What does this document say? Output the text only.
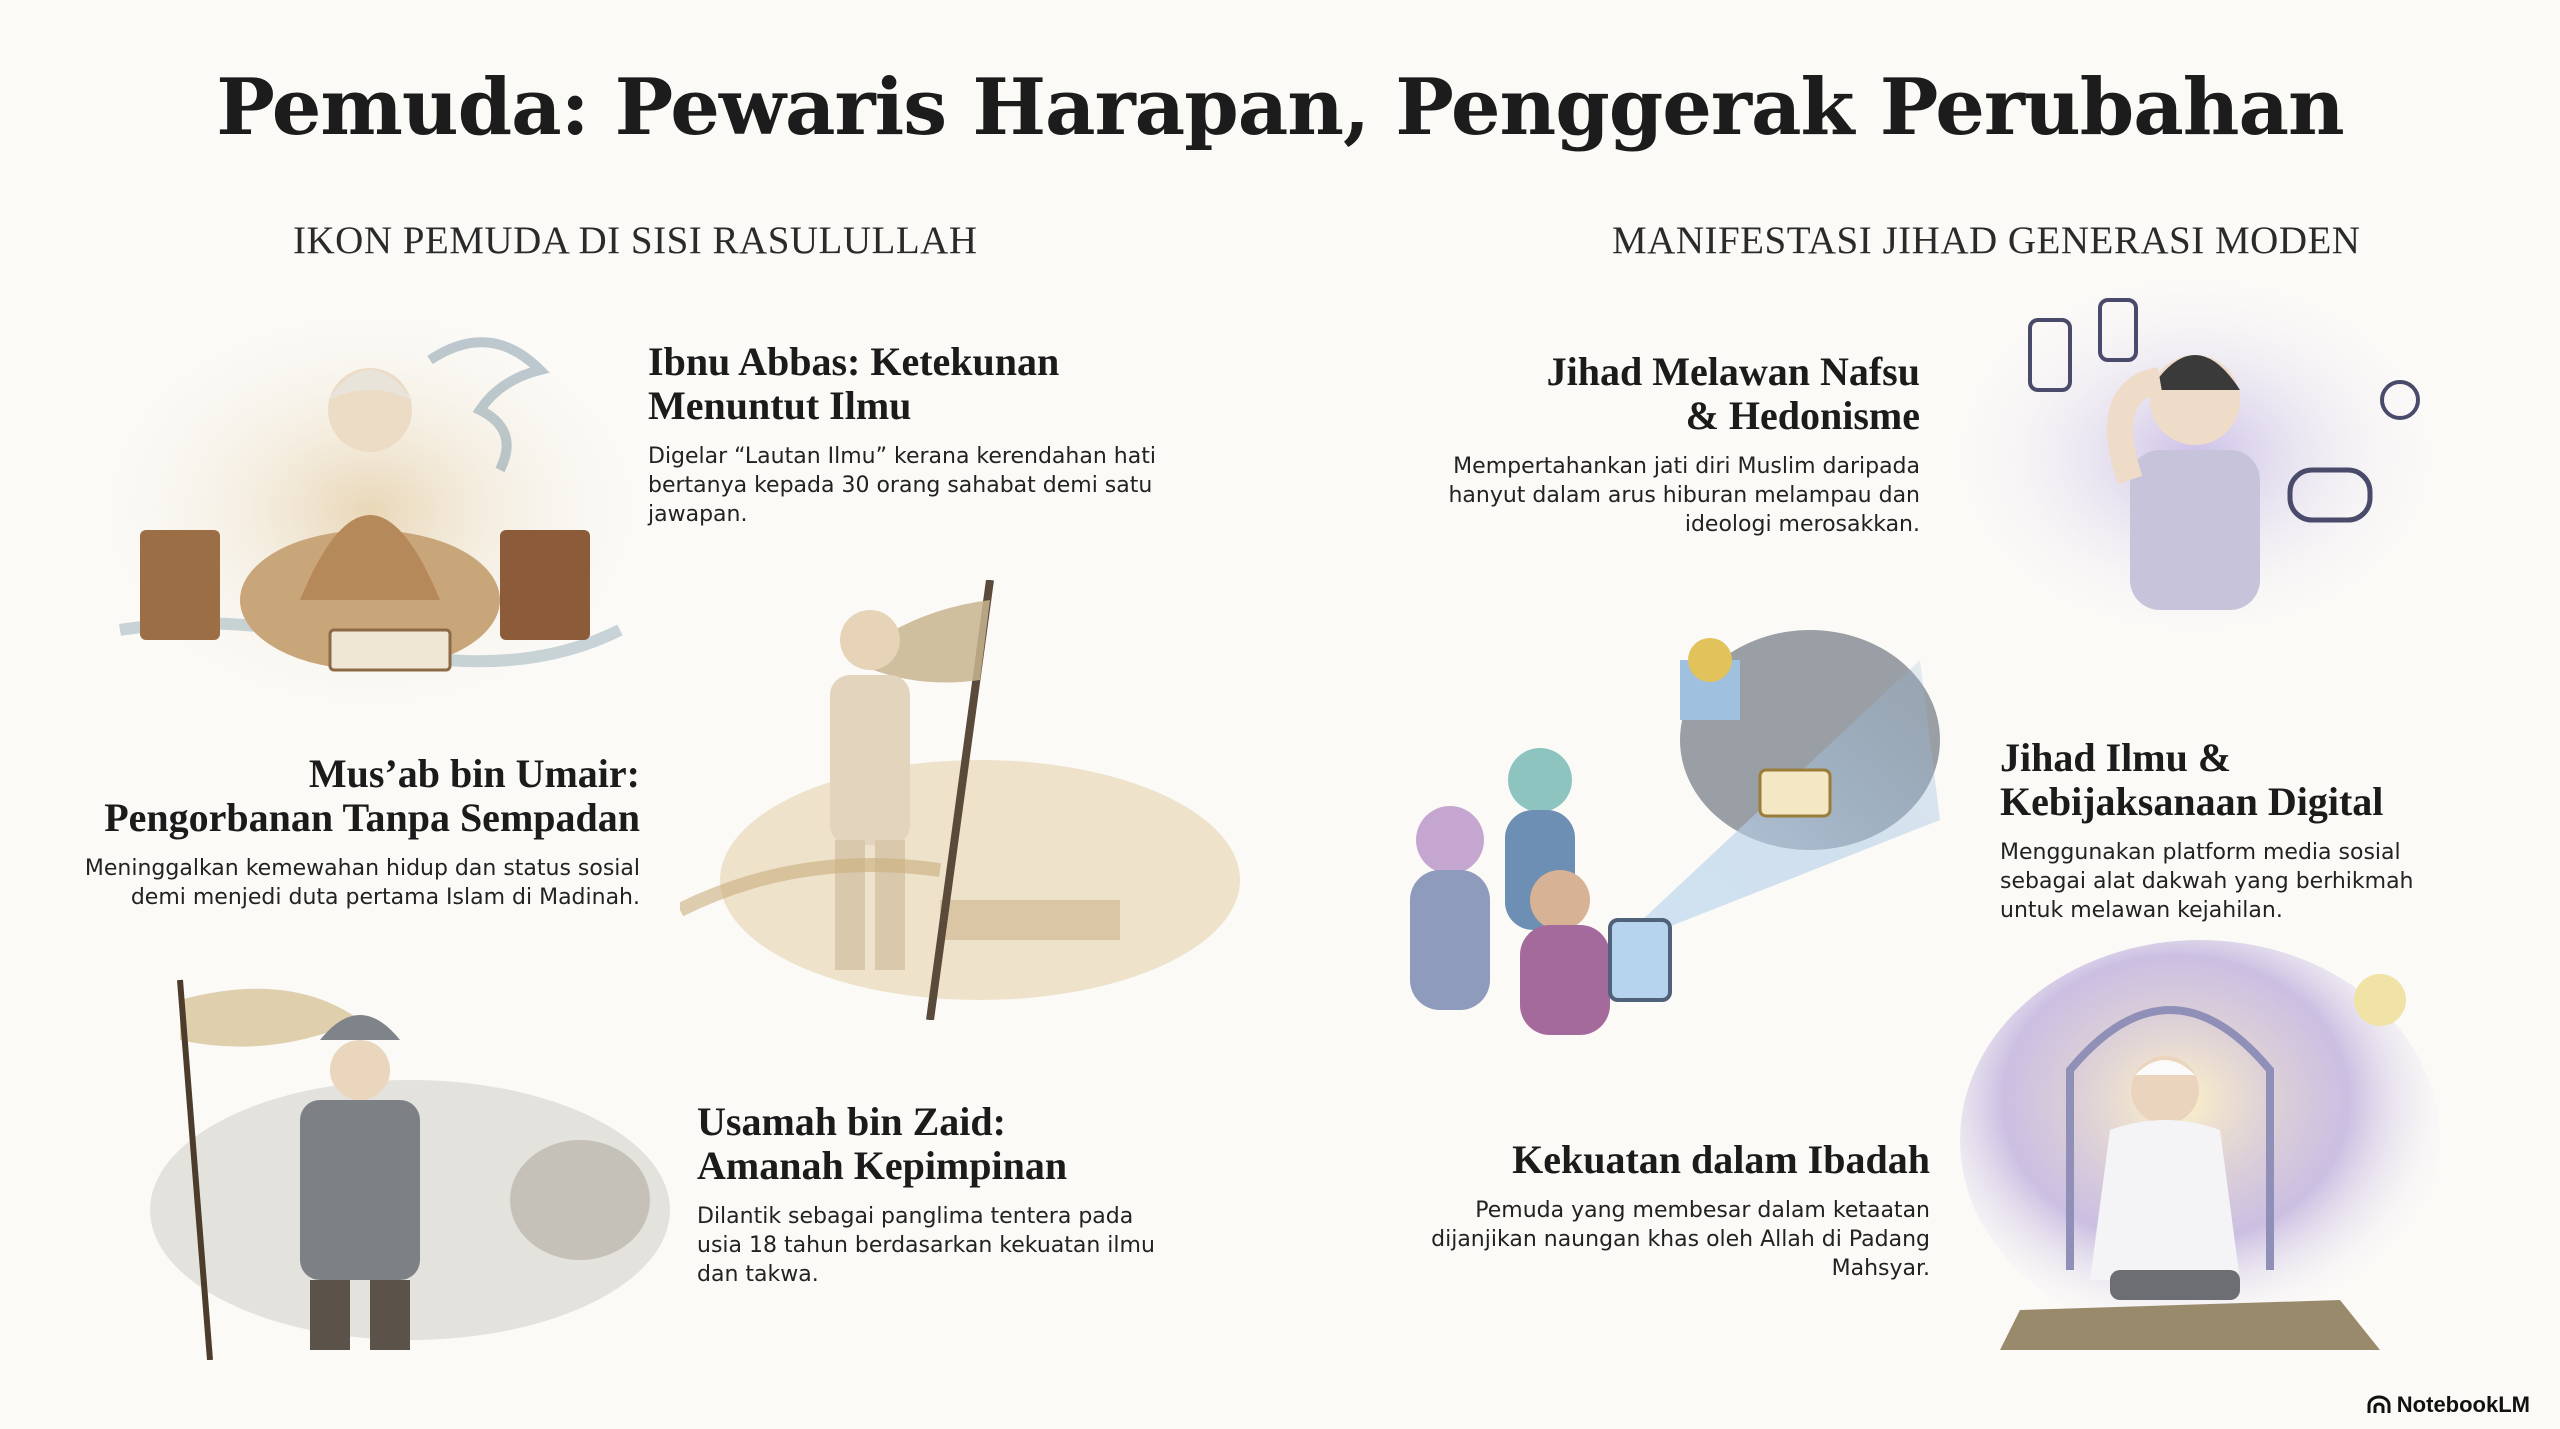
Pemuda: Pewaris Harapan, Penggerak Perubahan
IKON PEMUDA DI SISI RASULULLAH	MANIFESTASI JIHAD GENERASI MODEN
Ibnu Abbas: Ketekunan
Menuntut Ilmu

Digelar “Lautan Ilmu” kerana kerendahan hati bertanya kepada 30 orang sahabat demi satu jawapan.

Mus’ab bin Umair:
Pengorbanan Tanpa Sempadan

Meninggalkan kemewahan hidup dan status sosial demi menjedi duta pertama Islam di Madinah.

Usamah bin Zaid:
Amanah Kepimpinan

Dilantik sebagai panglima tentera pada usia 18 tahun berdasarkan kekuatan ilmu dan takwa.

Jihad Melawan Nafsu
& Hedonisme

Mempertahankan jati diri Muslim daripada hanyut dalam arus hiburan melampau dan ideologi merosakkan.

Jihad Ilmu &
Kebijaksanaan Digital

Menggunakan platform media sosial sebagai alat dakwah yang berhikmah untuk melawan kejahilan.

Kekuatan dalam Ibadah

Pemuda yang membesar dalam ketaatan dijanjikan naungan khas oleh Allah di Padang Mahsyar.

NotebookLM
